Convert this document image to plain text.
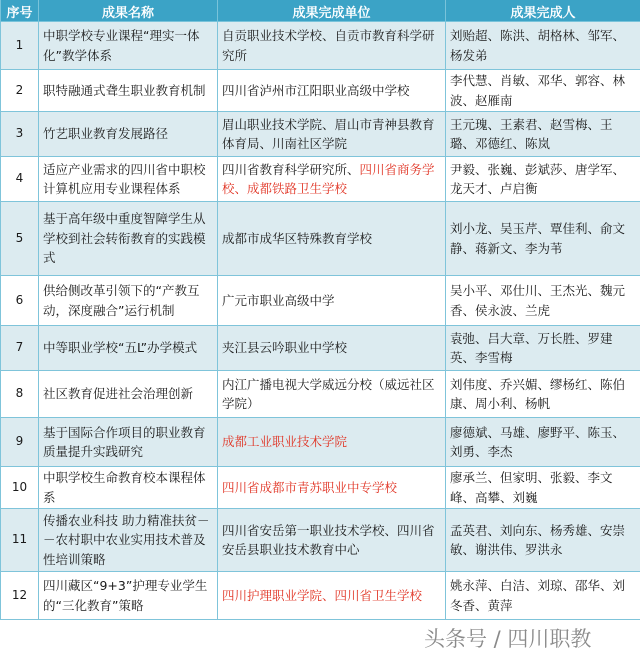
序号	成果名称	成果完成单位	成果完成人
1	中职学校专业课程“理实一体化”教学体系	自贡职业技术学校、自贡市教育科学研究所	刘贻超、陈洪、胡格林、邹军、杨发弟
2	职特融通式聋生职业教育机制	四川省泸州市江阳职业高级中学校	李代慧、肖敏、邓华、郭容、林波、赵雁南
3	竹艺职业教育发展路径	眉山职业技术学院、眉山市青神县教育体育局、川南社区学院	王元瑰、王素君、赵雪梅、王璐、邓德红、陈岚
4	适应产业需求的四川省中职校计算机应用专业课程体系	四川省教育科学研究所、四川省商务学校、成都铁路卫生学校	尹毅、张巍、彭斌莎、唐学军、龙天才、卢启衡
5	基于高年级中重度智障学生从学校到社会转衔教育的实践模式	成都市成华区特殊教育学校	刘小龙、吴玉芹、覃佳利、俞文静、蒋新文、李为苇
6	供给侧改革引领下的“产教互动，深度融合”运行机制	广元市职业高级中学	吴小平、邓仕川、王杰光、魏元香、侯永波、兰虎
7	中等职业学校“五L”办学模式	夹江县云吟职业中学校	袁弛、吕大章、万长胜、罗建英、李雪梅
8	社区教育促进社会治理创新	内江广播电视大学威远分校（威远社区学院）	刘伟度、乔兴媚、缪杨红、陈伯康、周小利、杨帆
9	基于国际合作项目的职业教育质量提升实践研究	成都工业职业技术学院	廖德斌、马雄、廖野平、陈玉、刘勇、李杰
10	中职学校生命教育校本课程体系	四川省成都市青苏职业中专学校	廖承兰、但家明、张毅、李文峰、高攀、刘巍
11	传播农业科技 助力精准扶贫－－农村职中农业实用技术普及性培训策略	四川省安岳第一职业技术学校、四川省安岳县职业技术教育中心	孟英君、刘向东、杨秀雄、安崇敏、谢洪伟、罗洪永
12	四川藏区“9+3”护理专业学生的“三化教育”策略	四川护理职业学院、四川省卫生学校	姚永萍、白洁、刘琼、邵华、刘冬香、黄萍
头条号 / 四川职教
